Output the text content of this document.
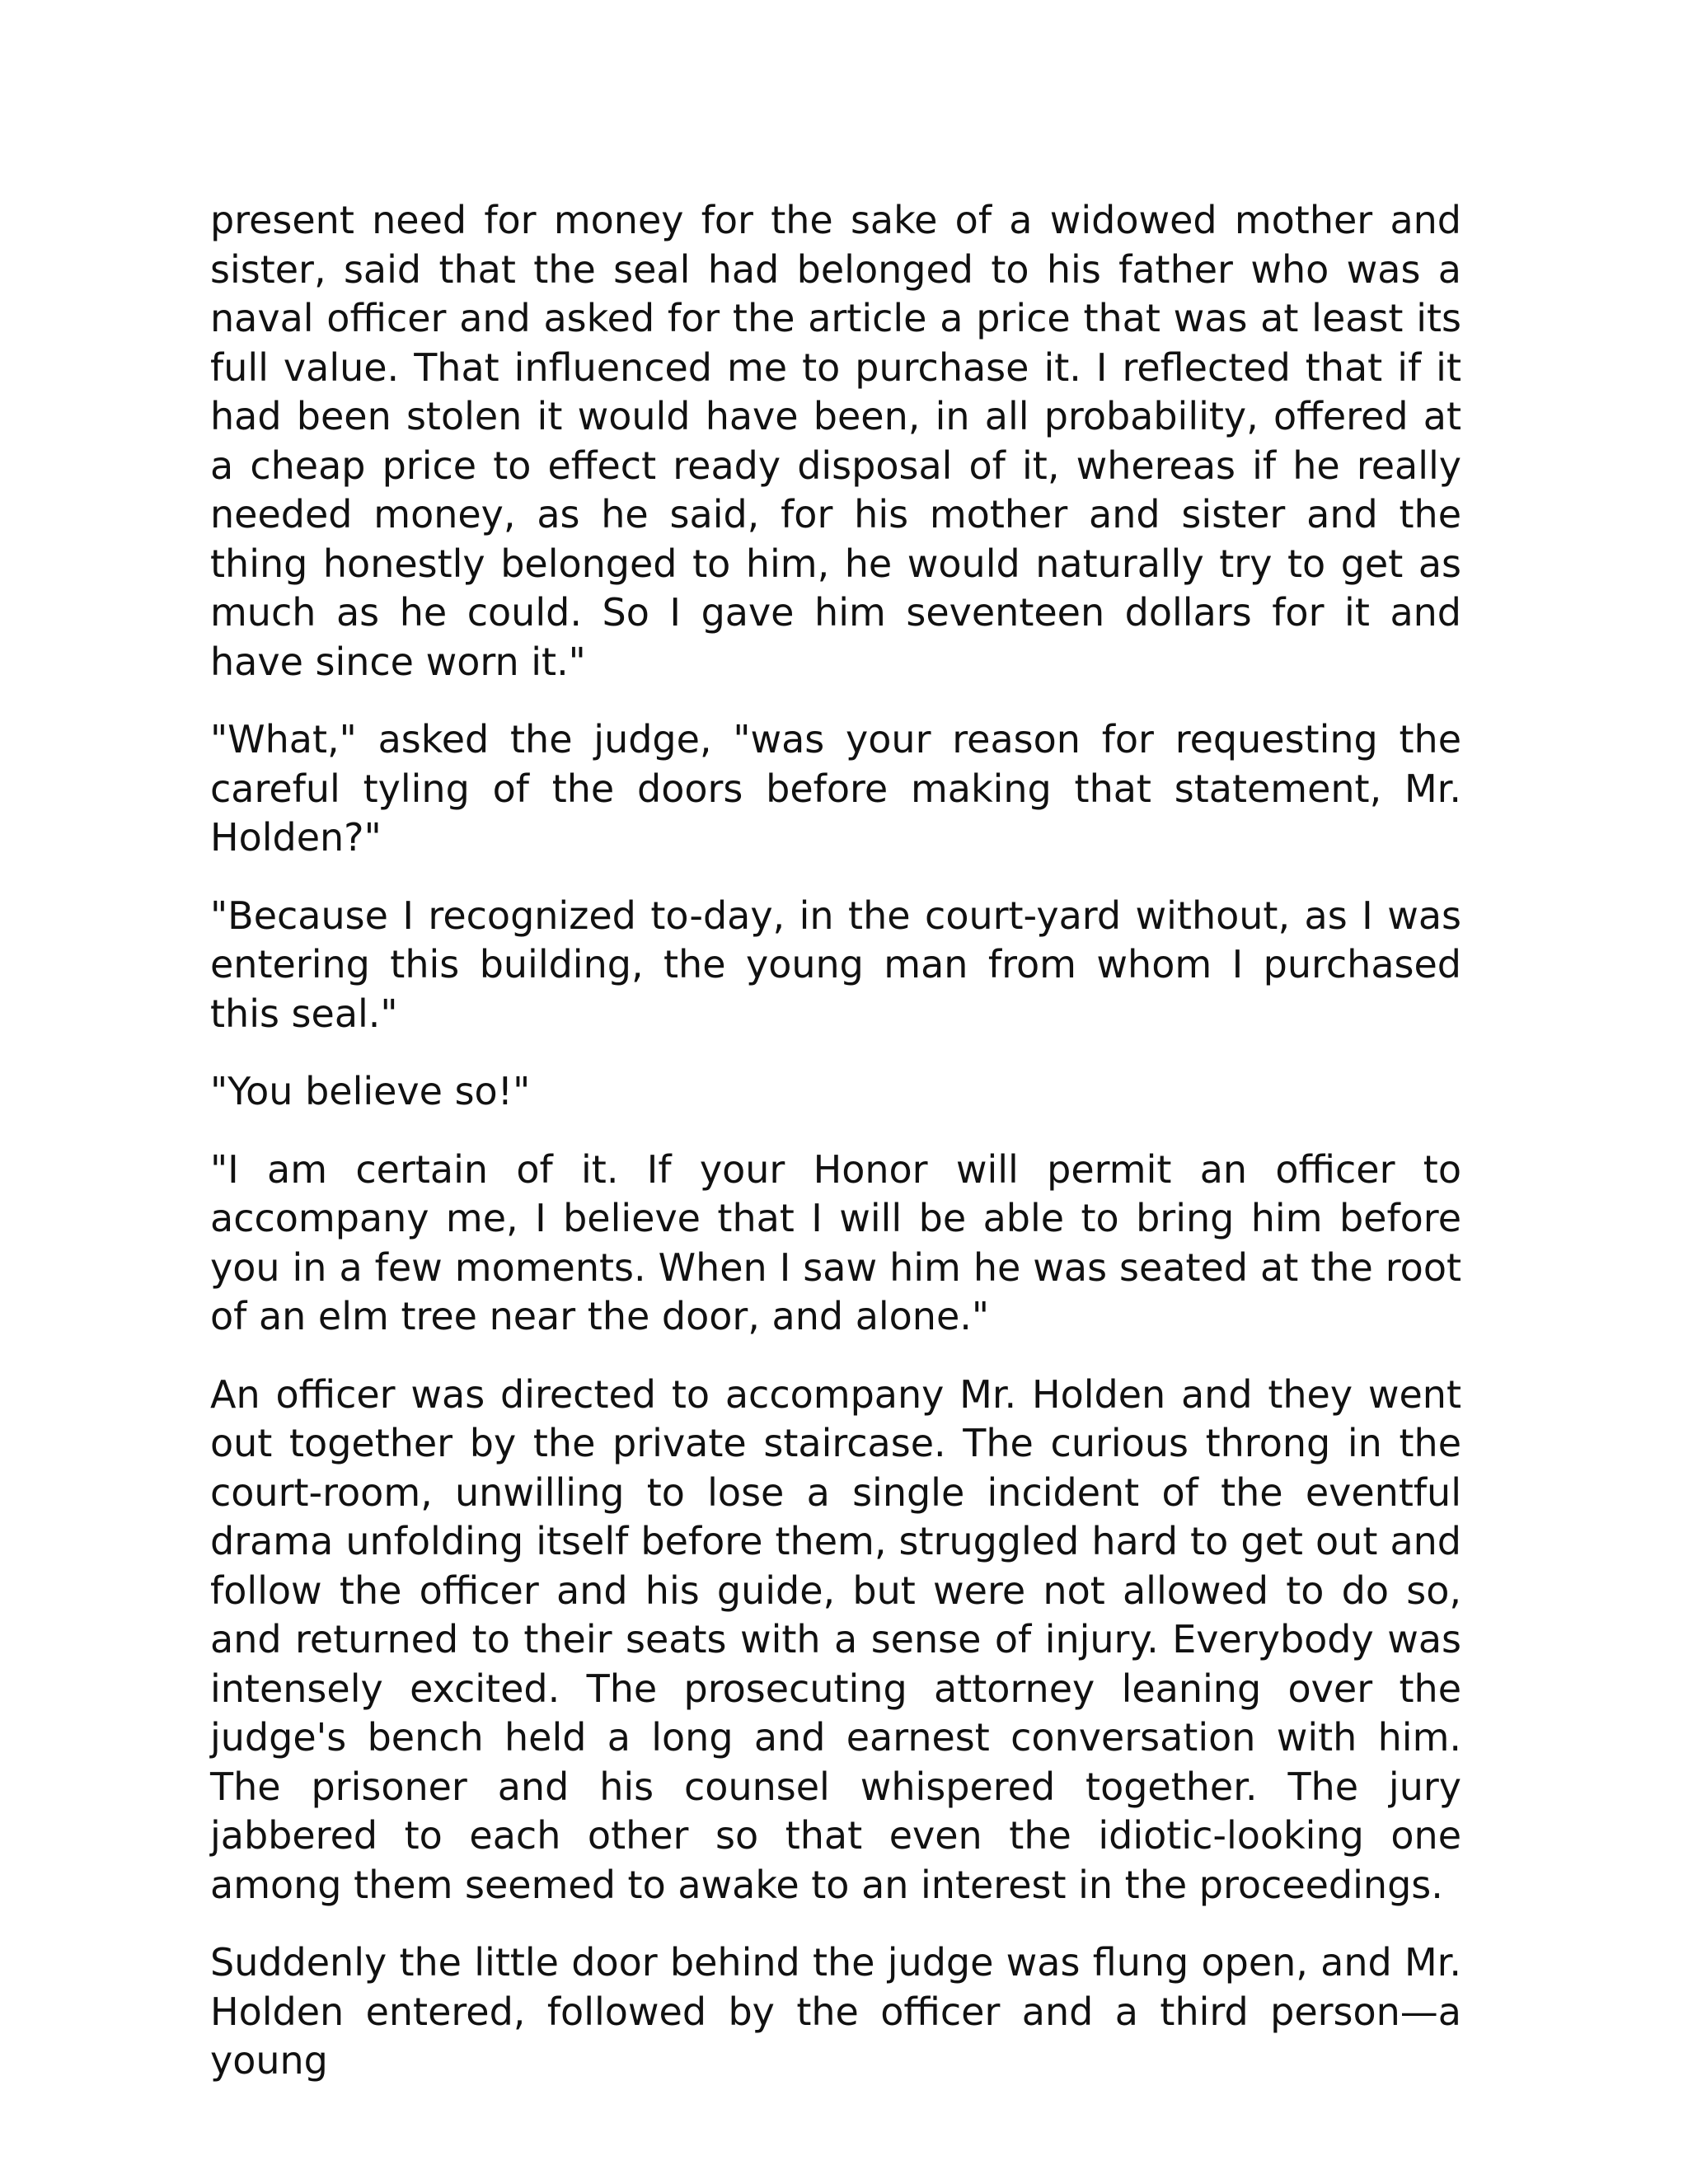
present need for money for the sake of a widowed mother and sister, said that the seal had belonged to his father who was a naval officer and asked for the article a price that was at least its full value. That influenced me to purchase it. I reflected that if it had been stolen it would have been, in all probability, offered at a cheap price to effect ready disposal of it, whereas if he really needed money, as he said, for his mother and sister and the thing honestly belonged to him, he would naturally try to get as much as he could. So I gave him seventeen dollars for it and have since worn it."

"What," asked the judge, "was your reason for requesting the careful tyling of the doors before making that statement, Mr. Holden?"

"Because I recognized to-day, in the court-yard without, as I was entering this building, the young man from whom I purchased this seal."

"You believe so!"

"I am certain of it. If your Honor will permit an officer to accompany me, I believe that I will be able to bring him before you in a few moments. When I saw him he was seated at the root of an elm tree near the door, and alone."

An officer was directed to accompany Mr. Holden and they went out together by the private staircase. The curious throng in the court-room, unwilling to lose a single incident of the eventful drama unfolding itself before them, struggled hard to get out and follow the officer and his guide, but were not allowed to do so, and returned to their seats with a sense of injury. Everybody was intensely excited. The prosecuting attorney leaning over the judge's bench held a long and earnest conversation with him. The prisoner and his counsel whispered together. The jury jabbered to each other so that even the idiotic-looking one among them seemed to awake to an interest in the proceedings.

Suddenly the little door behind the judge was flung open, and Mr. Holden entered, followed by the officer and a third person—a young
